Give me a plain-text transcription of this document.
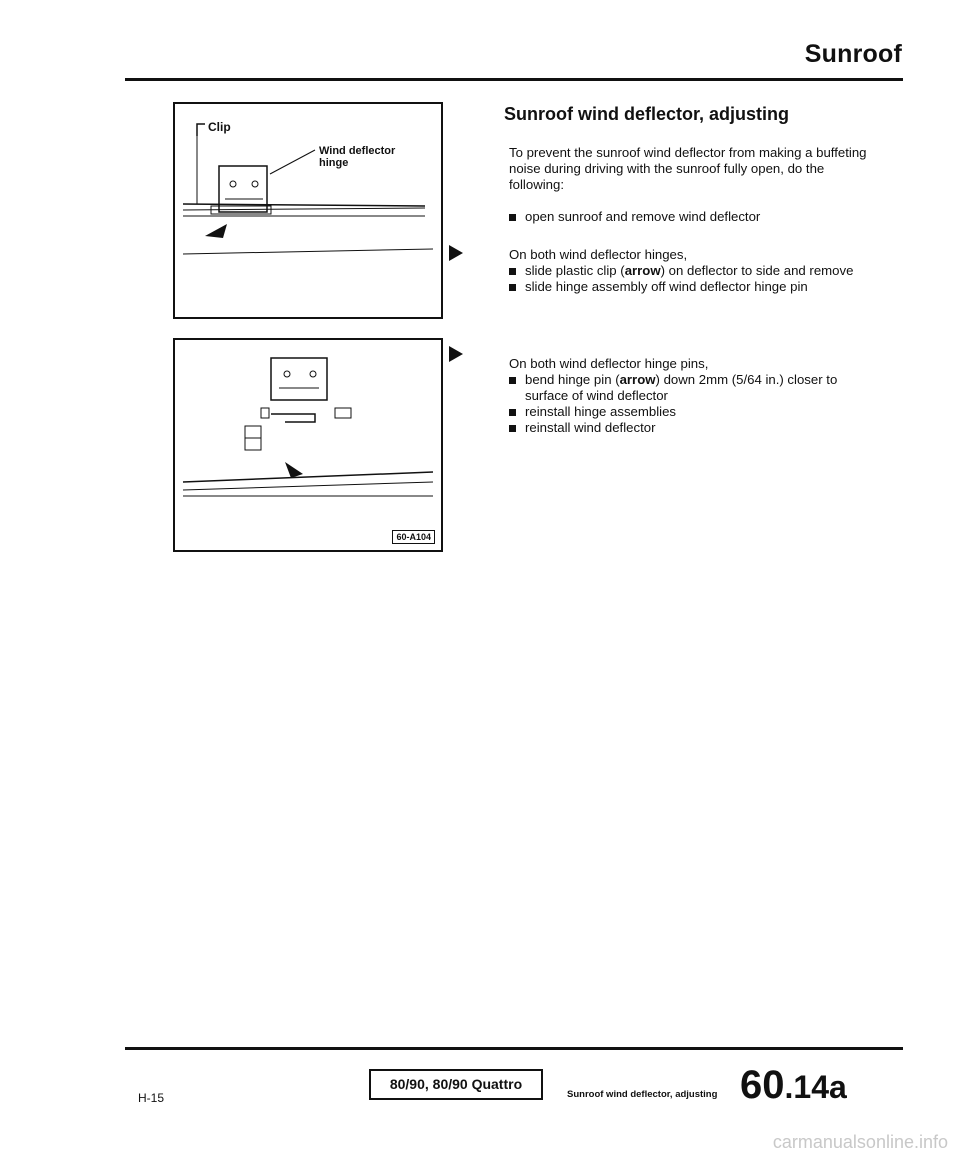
Sunroof
Clip
Wind deflector
hinge
60-A104
Sunroof wind deflector, adjusting
To prevent the sunroof wind deflector from making a buffeting noise during driving with the sunroof fully open, do the following:
open sunroof and remove wind deflector
On both wind deflector hinges,
slide plastic clip (arrow) on deflector to side and remove
slide hinge assembly off wind deflector hinge pin
On both wind deflector hinge pins,
bend hinge pin (arrow) down 2mm (5/64 in.) closer to surface of wind deflector
reinstall hinge assemblies
reinstall wind deflector
H-15
80/90, 80/90 Quattro
Sunroof wind deflector, adjusting 60.14a
carmanualsonline.info
